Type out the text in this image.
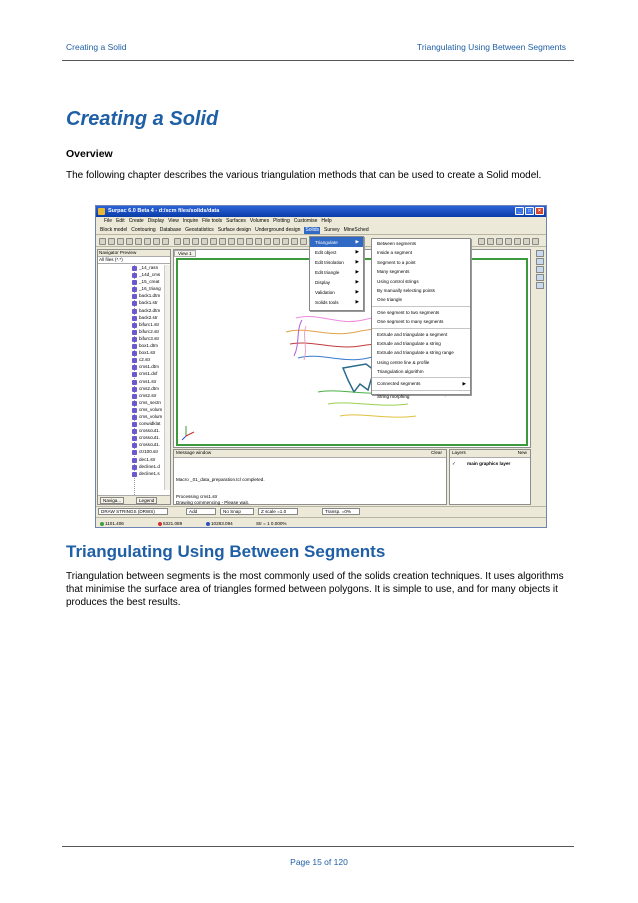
Creating a Solid	Triangulating Using Between Segments
Creating a Solid
Overview
The following chapter describes the various triangulation methods that can be used to create a Solid model.
Surpac 6.0 Beta 4 - d:/scm files/solids/data	_	□	×
File Edit Create Display View Inquire File tools Surfaces Volumes Plotting Customise Help
Block model Contouring Database Geostatistics Surface design Underground design Solids Survey MineSched
Navigator Preview
All files (*.*)
_14_rasn
_14d_cms
_15_creat
_16_triang
back1.dtm
back1.str
back2.dtm
back2.str
bifurc1.str
bifurc2.str
bifurc3.str
box1.dtm
box1.str
c2.str
cms1.dtm
cms1.dxf
cms1.str
cms2.dtm
cms2.str
cms_sectn
cms_volum
cms_volum
conwidklat
crosscut1.
crosscut1.
crosscut1.
ctr100.str
dec1.str
decline1.d
decline1.s
Naviga...	Legend
View 1
Triangulate	▶
Edit object	▶
Edit trisolation	▶
Edit triangle	▶
Display	▶
Validation	▶
Solids tools	▶
Between segments
Inside a segment
Segment to a point
Many segments
Using control strings
By manually selecting points
One triangle
One segment to two segments
One segment to many segments
Extrude and triangulate a segment
Extrude and triangulate a string
Extrude and triangulate a string range
Using centre line & profile
Triangulation algorithm
Connected segments	▶
String morphing
Message window	Clear
Macro _01_data_preparation.tcl completed.
Processing cms1.str
Drawing commencing - Please wait.
Layers	New
✓ main graphics layer
DRAW STRINGS (DRWS)	Add	No Snap	Z scale =1.0	Transp. =0%
1101.406	5321.089	10283.094	Str = 1 0.000%
Triangulating Using Between Segments
Triangulation between segments is the most commonly used of the solids creation techniques. It uses algorithms that minimise the surface area of triangles formed between polygons. It is simple to use, and for many objects it produces the best results.
Page 15 of 120
